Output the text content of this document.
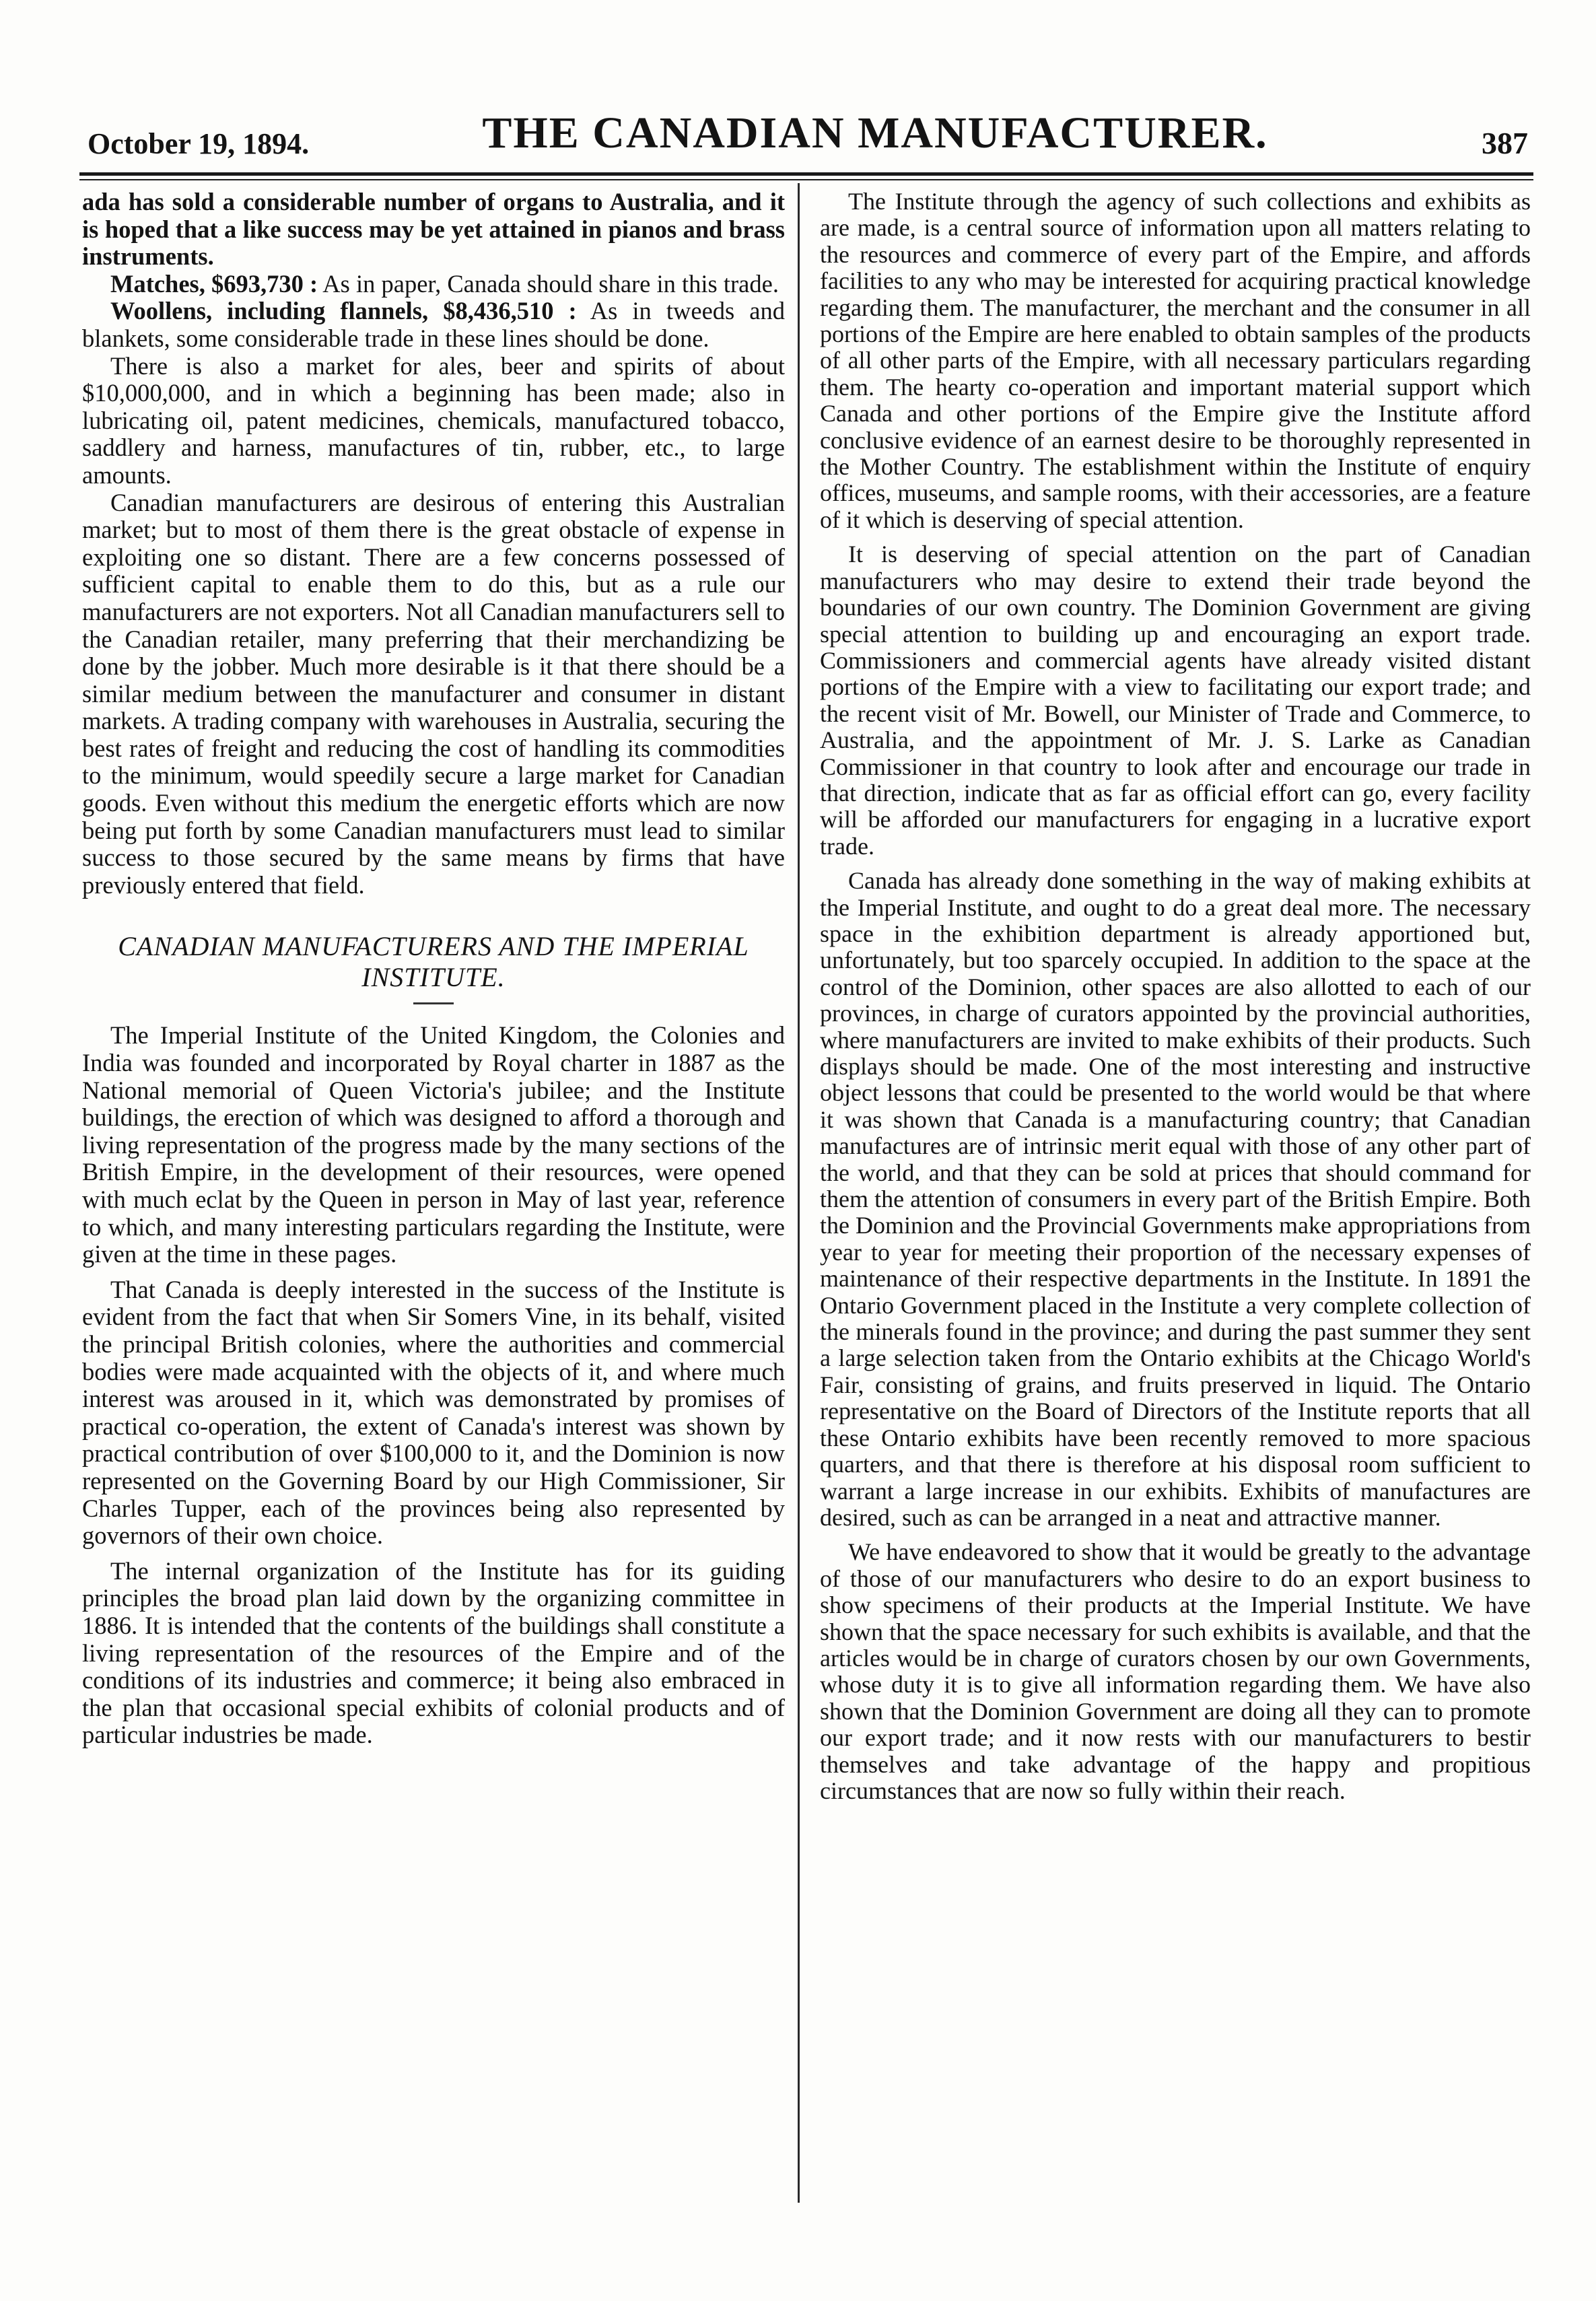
October 19, 1894.	THE CANADIAN MANUFACTURER.	387

ada has sold a considerable number of organs to Australia, and it is hoped that a like success may be yet attained in pianos and brass instruments.

Matches, $693,730 : As in paper, Canada should share in this trade.

Woollens, including flannels, $8,436,510 : As in tweeds and blankets, some considerable trade in these lines should be done.

There is also a market for ales, beer and spirits of about $10,000,000, and in which a beginning has been made; also in lubricating oil, patent medicines, chemicals, manufactured tobacco, saddlery and harness, manufactures of tin, rubber, etc., to large amounts.

Canadian manufacturers are desirous of entering this Australian market; but to most of them there is the great obstacle of expense in exploiting one so distant. There are a few concerns possessed of sufficient capital to enable them to do this, but as a rule our manufacturers are not exporters. Not all Canadian manufacturers sell to the Canadian retailer, many preferring that their merchandizing be done by the jobber. Much more desirable is it that there should be a similar medium between the manufacturer and consumer in distant markets. A trading company with warehouses in Australia, securing the best rates of freight and reducing the cost of handling its commodities to the minimum, would speedily secure a large market for Canadian goods. Even without this medium the energetic efforts which are now being put forth by some Canadian manufacturers must lead to similar success to those secured by the same means by firms that have previously entered that field.

CANADIAN MANUFACTURERS AND THE IMPERIAL INSTITUTE.

The Imperial Institute of the United Kingdom, the Colonies and India was founded and incorporated by Royal charter in 1887 as the National memorial of Queen Victoria's jubilee; and the Institute buildings, the erection of which was designed to afford a thorough and living representation of the progress made by the many sections of the British Empire, in the development of their resources, were opened with much eclat by the Queen in person in May of last year, reference to which, and many interesting particulars regarding the Institute, were given at the time in these pages.

That Canada is deeply interested in the success of the Institute is evident from the fact that when Sir Somers Vine, in its behalf, visited the principal British colonies, where the authorities and commercial bodies were made acquainted with the objects of it, and where much interest was aroused in it, which was demonstrated by promises of practical co-operation, the extent of Canada's interest was shown by practical contribution of over $100,000 to it, and the Dominion is now represented on the Governing Board by our High Commissioner, Sir Charles Tupper, each of the provinces being also represented by governors of their own choice.

The internal organization of the Institute has for its guiding principles the broad plan laid down by the organizing committee in 1886. It is intended that the contents of the buildings shall constitute a living representation of the resources of the Empire and of the conditions of its industries and commerce; it being also embraced in the plan that occasional special exhibits of colonial products and of particular industries be made.

The Institute through the agency of such collections and exhibits as are made, is a central source of information upon all matters relating to the resources and commerce of every part of the Empire, and affords facilities to any who may be interested for acquiring practical knowledge regarding them. The manufacturer, the merchant and the consumer in all portions of the Empire are here enabled to obtain samples of the products of all other parts of the Empire, with all necessary particulars regarding them. The hearty co-operation and important material support which Canada and other portions of the Empire give the Institute afford conclusive evidence of an earnest desire to be thoroughly represented in the Mother Country. The establishment within the Institute of enquiry offices, museums, and sample rooms, with their accessories, are a feature of it which is deserving of special attention.

It is deserving of special attention on the part of Canadian manufacturers who may desire to extend their trade beyond the boundaries of our own country. The Dominion Government are giving special attention to building up and encouraging an export trade. Commissioners and commercial agents have already visited distant portions of the Empire with a view to facilitating our export trade; and the recent visit of Mr. Bowell, our Minister of Trade and Commerce, to Australia, and the appointment of Mr. J. S. Larke as Canadian Commissioner in that country to look after and encourage our trade in that direction, indicate that as far as official effort can go, every facility will be afforded our manufacturers for engaging in a lucrative export trade.

Canada has already done something in the way of making exhibits at the Imperial Institute, and ought to do a great deal more. The necessary space in the exhibition department is already apportioned but, unfortunately, but too sparcely occupied. In addition to the space at the control of the Dominion, other spaces are also allotted to each of our provinces, in charge of curators appointed by the provincial authorities, where manufacturers are invited to make exhibits of their products. Such displays should be made. One of the most interesting and instructive object lessons that could be presented to the world would be that where it was shown that Canada is a manufacturing country; that Canadian manufactures are of intrinsic merit equal with those of any other part of the world, and that they can be sold at prices that should command for them the attention of consumers in every part of the British Empire. Both the Dominion and the Provincial Governments make appropriations from year to year for meeting their proportion of the necessary expenses of maintenance of their respective departments in the Institute. In 1891 the Ontario Government placed in the Institute a very complete collection of the minerals found in the province; and during the past summer they sent a large selection taken from the Ontario exhibits at the Chicago World's Fair, consisting of grains, and fruits preserved in liquid. The Ontario representative on the Board of Directors of the Institute reports that all these Ontario exhibits have been recently removed to more spacious quarters, and that there is therefore at his disposal room sufficient to warrant a large increase in our exhibits. Exhibits of manufactures are desired, such as can be arranged in a neat and attractive manner.

We have endeavored to show that it would be greatly to the advantage of those of our manufacturers who desire to do an export business to show specimens of their products at the Imperial Institute. We have shown that the space necessary for such exhibits is available, and that the articles would be in charge of curators chosen by our own Governments, whose duty it is to give all information regarding them. We have also shown that the Dominion Government are doing all they can to promote our export trade; and it now rests with our manufacturers to bestir themselves and take advantage of the happy and propitious circumstances that are now so fully within their reach.
